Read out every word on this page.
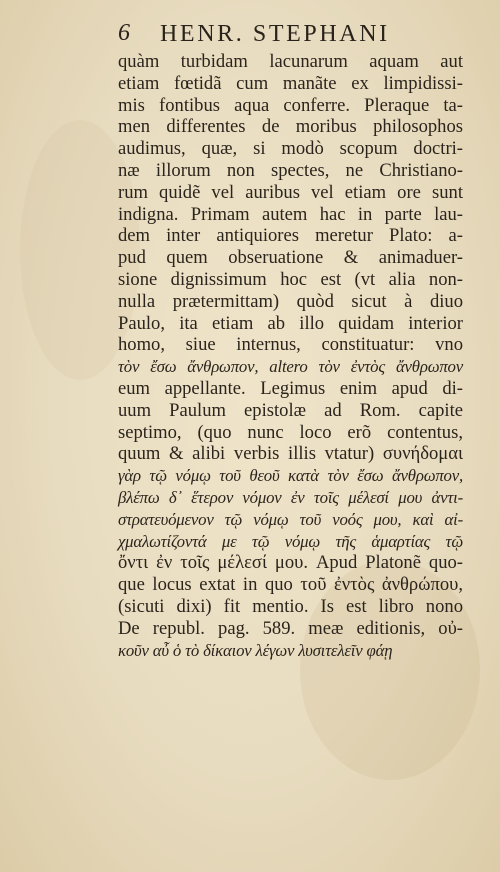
6 HENR. STEPHANI
quàm turbidam lacunarum aquam aut
etiam fœtidã cum manãte ex limpidissi-
mis fontibus aqua conferre. Pleraque ta-
men differentes de moribus philosophos
audimus, quæ, si modò scopum doctri-
næ illorum non spectes, ne Christiano-
rum quidẽ vel auribus vel etiam ore sunt
indigna. Primam autem hac in parte lau-
dem inter antiquiores meretur Plato: a-
pud quem obseruatione & animaduer-
sione dignissimum hoc est (vt alia non-
nulla prætermittam) quòd sicut à diuo
Paulo, ita etiam ab illo quidam interior
homo, siue internus, constituatur: vno
τὸν ἔσω ἄνθρωπον, altero τὸν ἐντὸς ἄνθρωπον
eum appellante. Legimus enim apud di-
uum Paulum epistolæ ad Rom. capite
septimo, (quo nunc loco erõ contentus,
quum & alibi verbis illis vtatur) συνήδομαι
γὰρ τῷ νόμῳ τοῦ θεοῦ κατὰ τὸν ἔσω ἄνθρωπον,
βλέπω δ᾽ ἕτερον νόμον ἐν τοῖς μέλεσί μου ἀντι-
στρατευόμενον τῷ νόμῳ τοῦ νοός μου, καὶ αἰ-
χμαλωτίζοντά με τῷ νόμῳ τῆς ἁμαρτίας τῷ
ὄντι ἐν τοῖς μέλεσί μου. Apud Platonẽ quo-
que locus extat in quo τοῦ ἐντὸς ἀνθρώπου,
(sicuti dixi) fit mentio. Is est libro nono
De republ. pag. 589. meæ editionis, οὐ-
κοῦν αὖ ὁ τὸ δίκαιον λέγων λυσιτελεῖν φάῃ
